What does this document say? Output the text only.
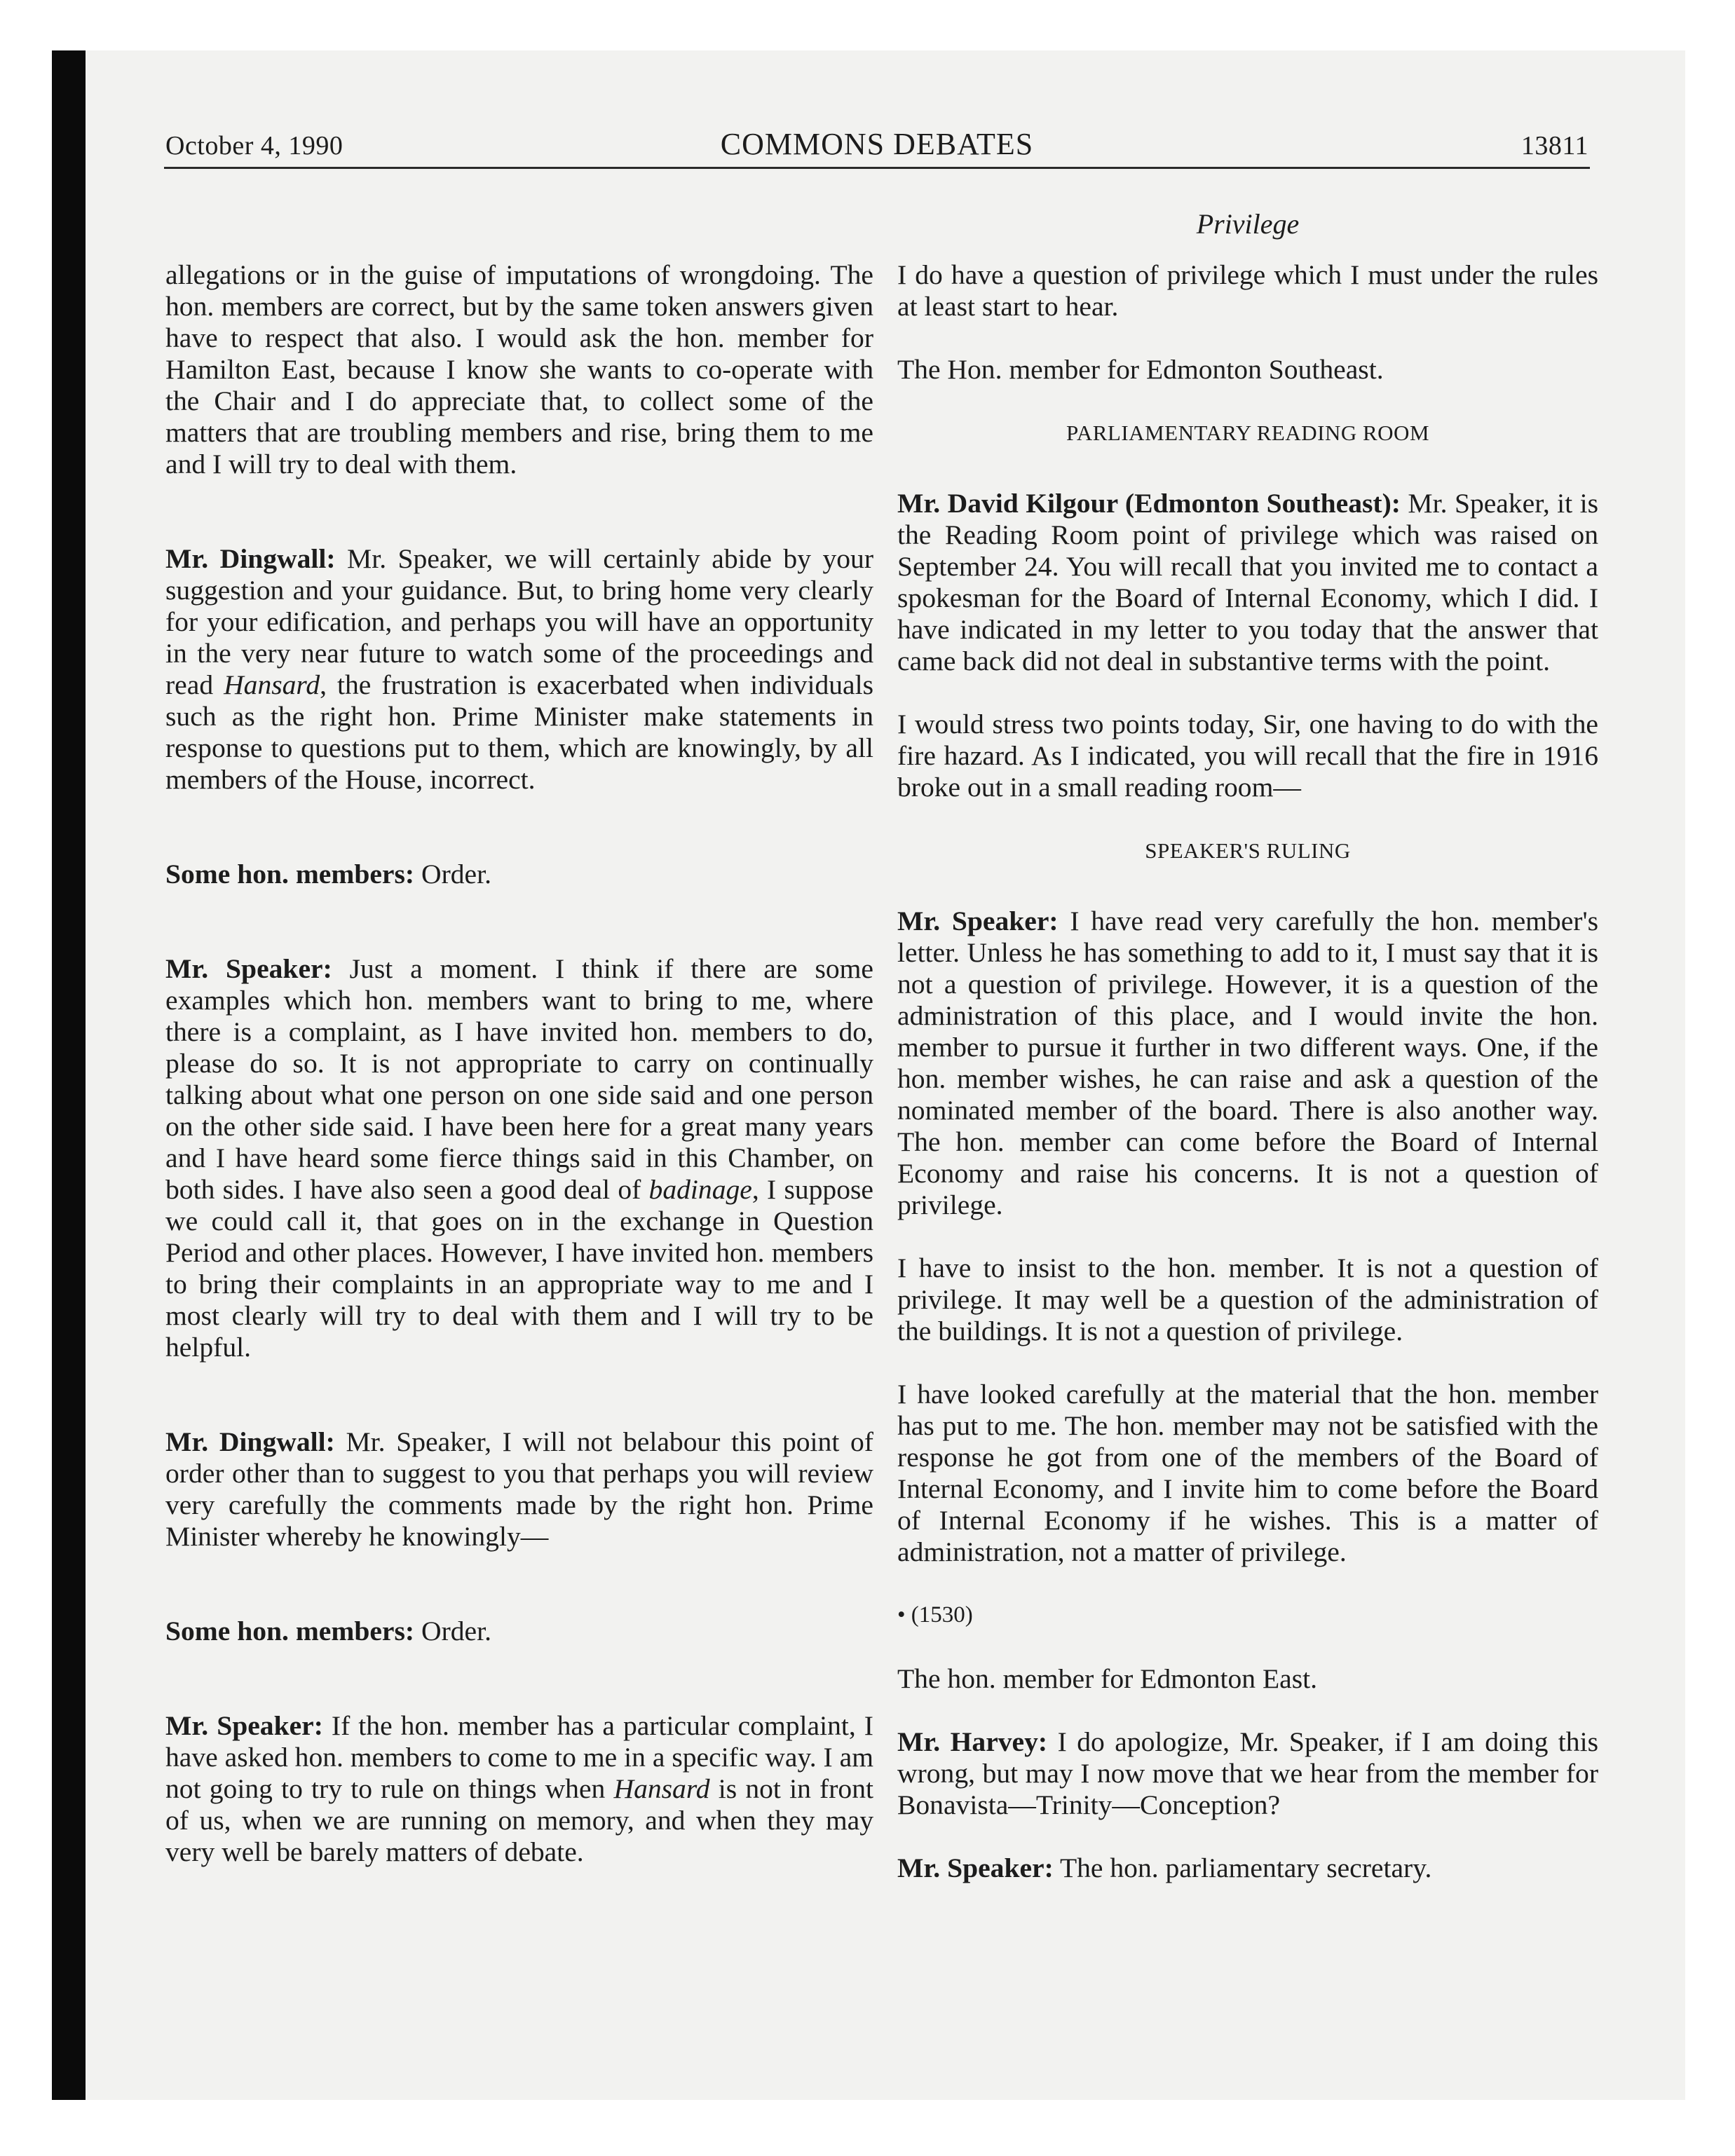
October 4, 1990	COMMONS DEBATES	13811
Privilege

allegations or in the guise of imputations of wrongdoing. The hon. members are correct, but by the same token answers given have to respect that also. I would ask the hon. member for Hamilton East, because I know she wants to co-operate with the Chair and I do appreciate that, to collect some of the matters that are troubling members and rise, bring them to me and I will try to deal with them.

Mr. Dingwall: Mr. Speaker, we will certainly abide by your suggestion and your guidance. But, to bring home very clearly for your edification, and perhaps you will have an opportunity in the very near future to watch some of the proceedings and read Hansard, the frustration is exacerbated when individuals such as the right hon. Prime Minister make statements in response to questions put to them, which are knowingly, by all members of the House, incorrect.

Some hon. members: Order.

Mr. Speaker: Just a moment. I think if there are some examples which hon. members want to bring to me, where there is a complaint, as I have invited hon. members to do, please do so. It is not appropriate to carry on continually talking about what one person on one side said and one person on the other side said. I have been here for a great many years and I have heard some fierce things said in this Chamber, on both sides. I have also seen a good deal of badinage, I suppose we could call it, that goes on in the exchange in Question Period and other places. However, I have invited hon. members to bring their complaints in an appropriate way to me and I most clearly will try to deal with them and I will try to be helpful.

Mr. Dingwall: Mr. Speaker, I will not belabour this point of order other than to suggest to you that perhaps you will review very carefully the comments made by the right hon. Prime Minister whereby he knowingly—

Some hon. members: Order.

Mr. Speaker: If the hon. member has a particular complaint, I have asked hon. members to come to me in a specific way. I am not going to try to rule on things when Hansard is not in front of us, when we are running on memory, and when they may very well be barely matters of debate.

I do have a question of privilege which I must under the rules at least start to hear.

The Hon. member for Edmonton Southeast.

PARLIAMENTARY READING ROOM

Mr. David Kilgour (Edmonton Southeast): Mr. Speaker, it is the Reading Room point of privilege which was raised on September 24. You will recall that you invited me to contact a spokesman for the Board of Internal Economy, which I did. I have indicated in my letter to you today that the answer that came back did not deal in substantive terms with the point.

I would stress two points today, Sir, one having to do with the fire hazard. As I indicated, you will recall that the fire in 1916 broke out in a small reading room—

SPEAKER'S RULING

Mr. Speaker: I have read very carefully the hon. member's letter. Unless he has something to add to it, I must say that it is not a question of privilege. However, it is a question of the administration of this place, and I would invite the hon. member to pursue it further in two different ways. One, if the hon. member wishes, he can raise and ask a question of the nominated member of the board. There is also another way. The hon. member can come before the Board of Internal Economy and raise his concerns. It is not a question of privilege.

I have to insist to the hon. member. It is not a question of privilege. It may well be a question of the administration of the buildings. It is not a question of privilege.

I have looked carefully at the material that the hon. member has put to me. The hon. member may not be satisfied with the response he got from one of the members of the Board of Internal Economy, and I invite him to come before the Board of Internal Economy if he wishes. This is a matter of administration, not a matter of privilege.

• (1530)

The hon. member for Edmonton East.

Mr. Harvey: I do apologize, Mr. Speaker, if I am doing this wrong, but may I now move that we hear from the member for Bonavista—Trinity—Conception?

Mr. Speaker: The hon. parliamentary secretary.
